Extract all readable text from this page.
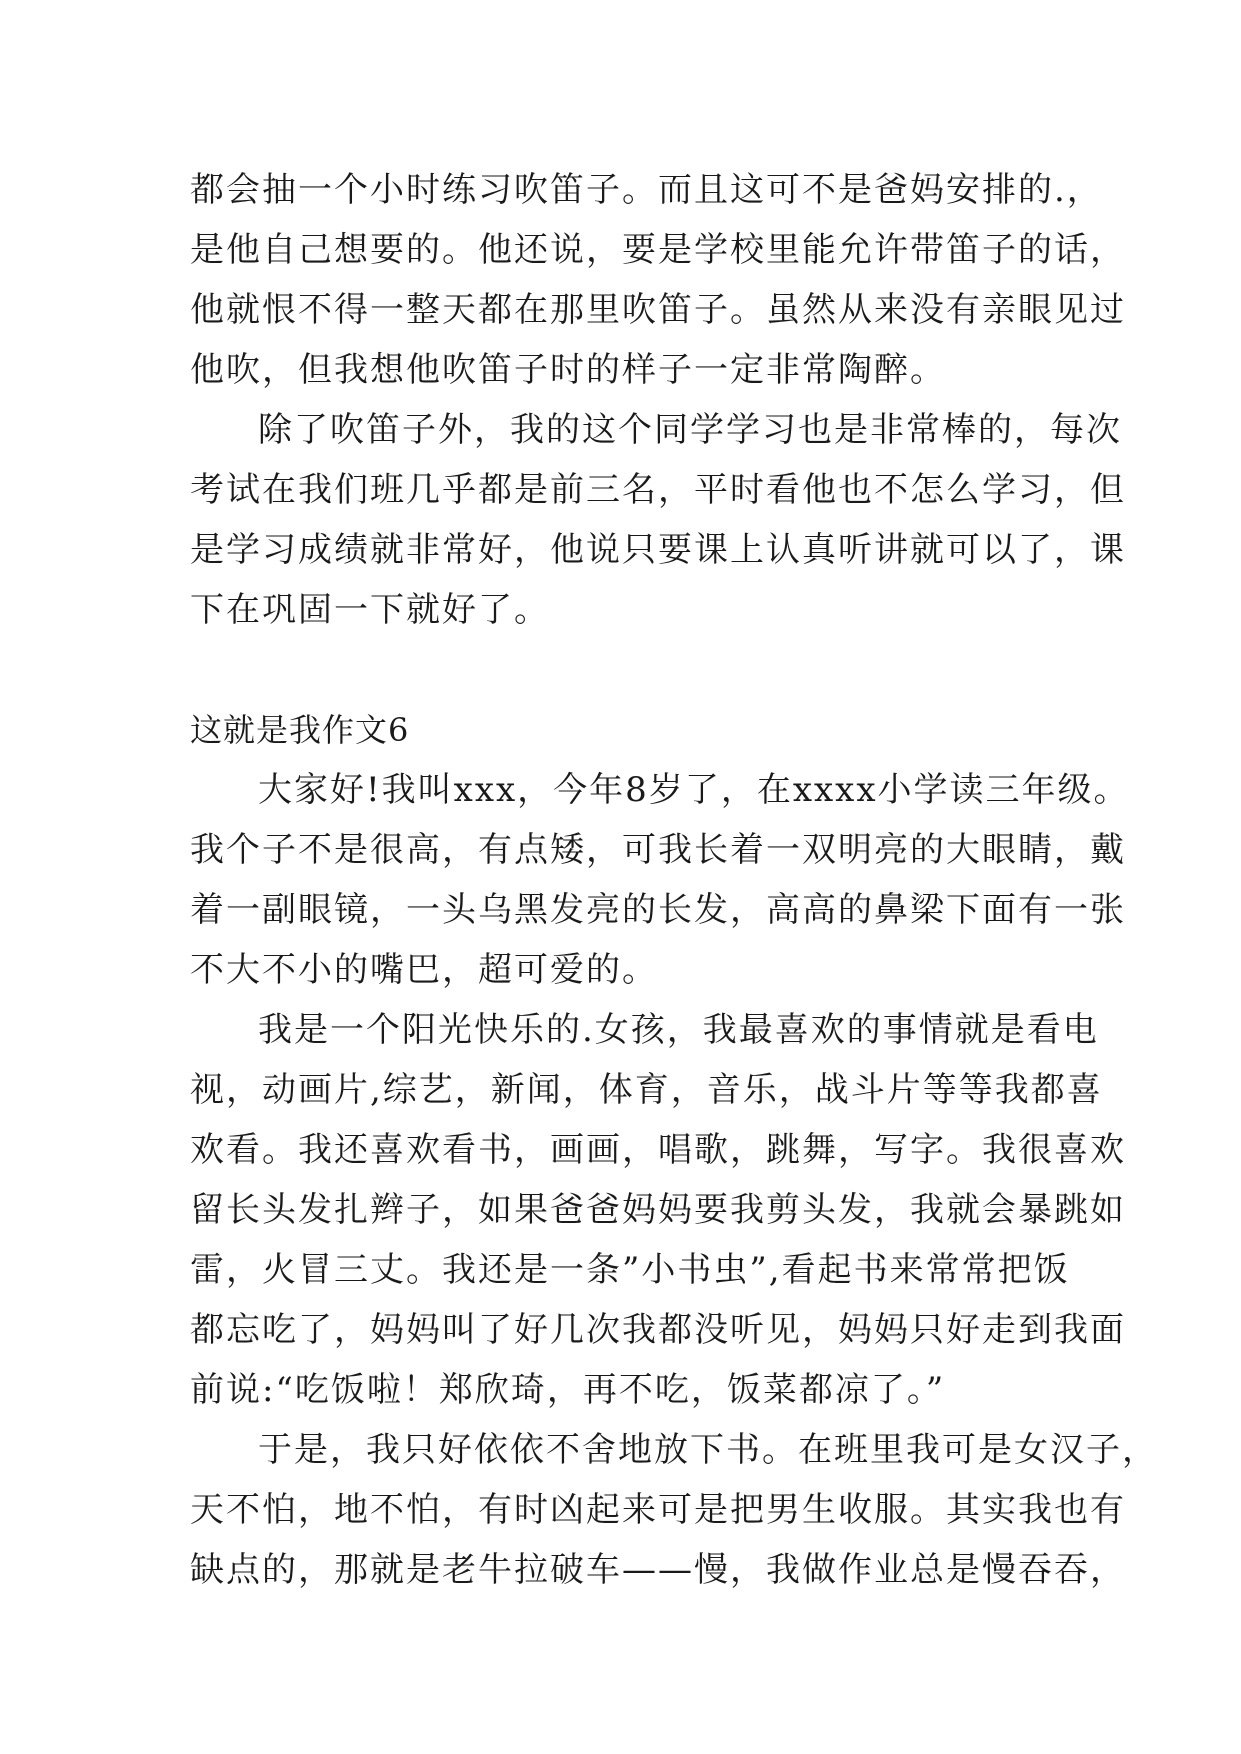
都会抽一个小时练习吹笛子。而且这可不是爸妈安排的.，
是他自己想要的。他还说，要是学校里能允许带笛子的话，
他就恨不得一整天都在那里吹笛子。虽然从来没有亲眼见过
他吹，但我想他吹笛子时的样子一定非常陶醉。
除了吹笛子外，我的这个同学学习也是非常棒的，每次
考试在我们班几乎都是前三名，平时看他也不怎么学习，但
是学习成绩就非常好，他说只要课上认真听讲就可以了，课
下在巩固一下就好了。
这就是我作文6
大家好!我叫xxx，今年8岁了，在xxxx小学读三年级。
我个子不是很高，有点矮，可我长着一双明亮的大眼睛，戴
着一副眼镜，一头乌黑发亮的长发，高高的鼻梁下面有一张
不大不小的嘴巴，超可爱的。
我是一个阳光快乐的.女孩，我最喜欢的事情就是看电
视，动画片,综艺，新闻，体育，音乐，战斗片等等我都喜
欢看。我还喜欢看书，画画，唱歌，跳舞，写字。我很喜欢
留长头发扎辫子，如果爸爸妈妈要我剪头发，我就会暴跳如
雷，火冒三丈。我还是一条”小书虫”,看起书来常常把饭
都忘吃了，妈妈叫了好几次我都没听见，妈妈只好走到我面
前说:“吃饭啦！郑欣琦，再不吃，饭菜都凉了。”
于是，我只好依依不舍地放下书。在班里我可是女汉子，
天不怕，地不怕，有时凶起来可是把男生收服。其实我也有
缺点的，那就是老牛拉破车——慢，我做作业总是慢吞吞，
